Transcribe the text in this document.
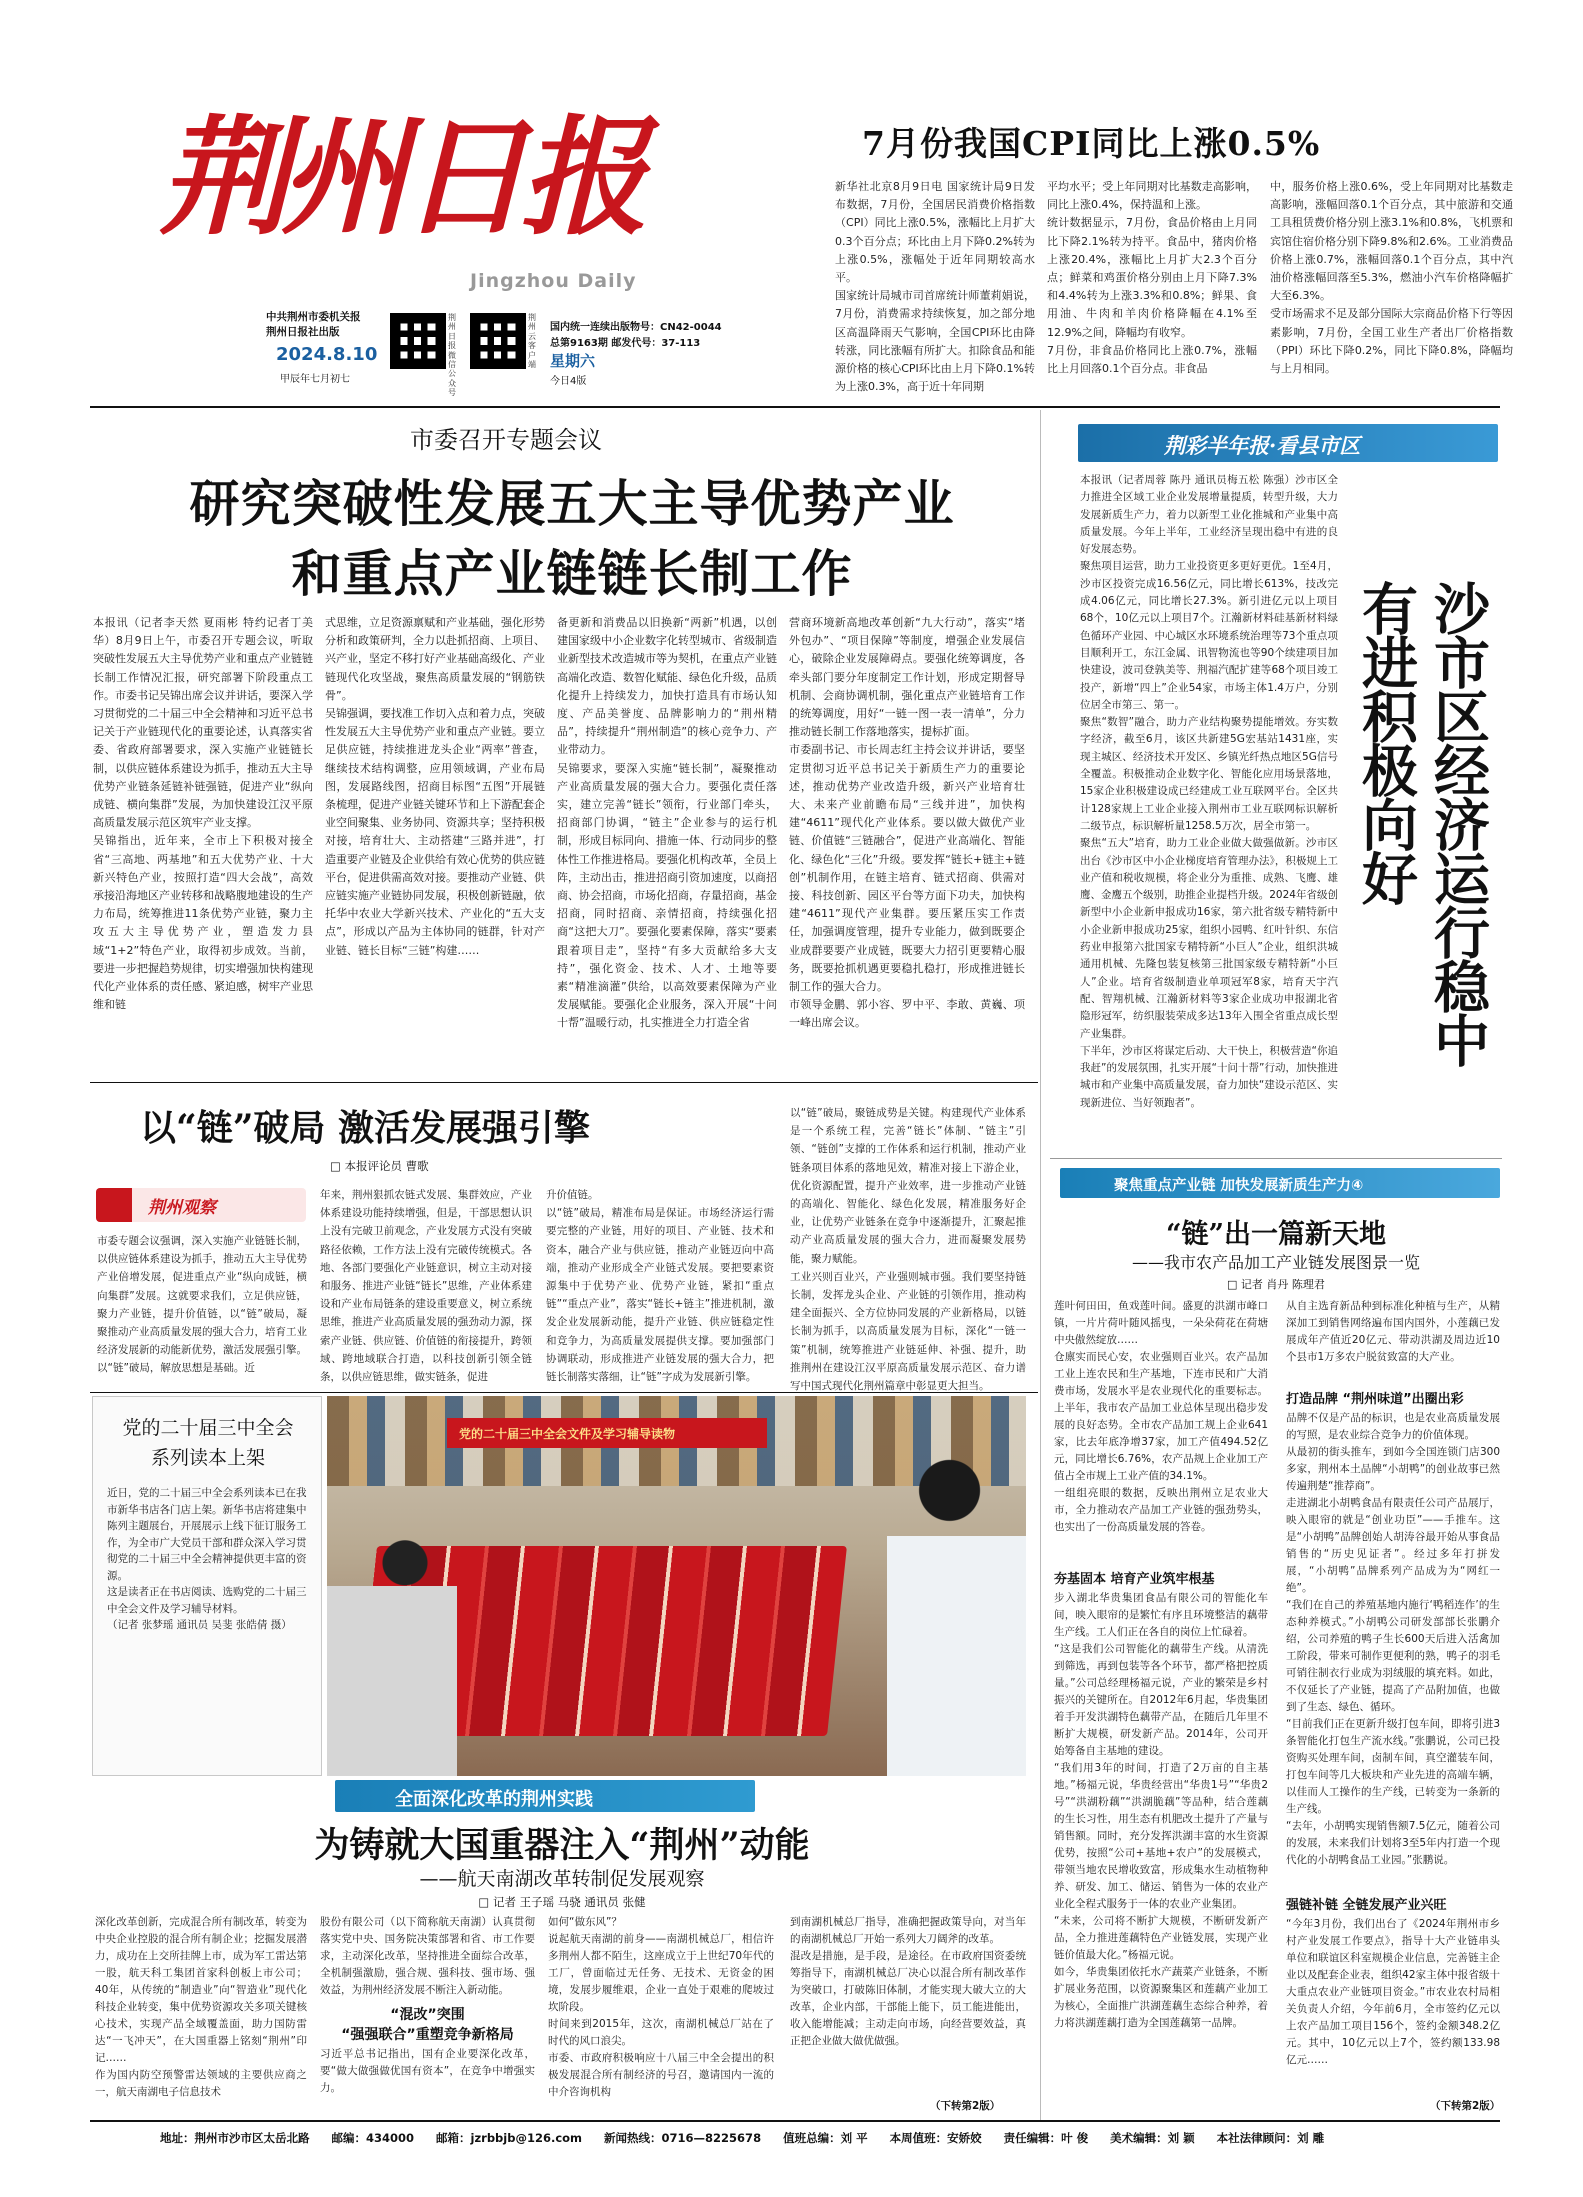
荆州日报
Jingzhou Daily
中共荆州市委机关报
荆州日报社出版
2024.8.10
甲辰年七月初七
荆州日报微信公众号
荆州云客户端
国内统一连续出版物号：CN42-0044
总第9163期 邮发代号：37-113
星期六
今日4版
7月份我国CPI同比上涨0.5%
新华社北京8月9日电 国家统计局9日发布数据，7月份，全国居民消费价格指数（CPI）同比上涨0.5%，涨幅比上月扩大0.3个百分点；环比由上月下降0.2%转为上涨0.5%，涨幅处于近年同期较高水平。
国家统计局城市司首席统计师董莉娟说，7月份，消费需求持续恢复，加之部分地区高温降雨天气影响，全国CPI环比由降转涨，同比涨幅有所扩大。扣除食品和能源价格的核心CPI环比由上月下降0.1%转为上涨0.3%，高于近十年同期
平均水平；受上年同期对比基数走高影响，同比上涨0.4%，保持温和上涨。
统计数据显示，7月份，食品价格由上月同比下降2.1%转为持平。食品中，猪肉价格上涨20.4%，涨幅比上月扩大2.3个百分点；鲜菜和鸡蛋价格分别由上月下降7.3%和4.4%转为上涨3.3%和0.8%；鲜果、食用油、牛肉和羊肉价格降幅在4.1%至12.9%之间，降幅均有收窄。
7月份，非食品价格同比上涨0.7%，涨幅比上月回落0.1个百分点。非食品
中，服务价格上涨0.6%，受上年同期对比基数走高影响，涨幅回落0.1个百分点，其中旅游和交通工具租赁费价格分别上涨3.1%和0.8%，飞机票和宾馆住宿价格分别下降9.8%和2.6%。工业消费品价格上涨0.7%，涨幅回落0.1个百分点，其中汽油价格涨幅回落至5.3%，燃油小汽车价格降幅扩大至6.3%。
受市场需求不足及部分国际大宗商品价格下行等因素影响，7月份，全国工业生产者出厂价格指数（PPI）环比下降0.2%，同比下降0.8%，降幅均与上月相同。
市委召开专题会议
研究突破性发展五大主导优势产业
和重点产业链链长制工作
本报讯（记者李天然 夏雨彬 特约记者丁美华）8月9日上午，市委召开专题会议，听取突破性发展五大主导优势产业和重点产业链链长制工作情况汇报，研究部署下阶段重点工作。市委书记吴锦出席会议并讲话，要深入学习贯彻党的二十届三中全会精神和习近平总书记关于产业链现代化的重要论述，认真落实省委、省政府部署要求，深入实施产业链链长制，以供应链体系建设为抓手，推动五大主导优势产业链条延链补链强链，促进产业“纵向成链、横向集群”发展，为加快建设江汉平原高质量发展示范区筑牢产业支撑。
吴锦指出，近年来，全市上下积极对接全省“三高地、两基地”和五大优势产业、十大新兴特色产业，按照打造“四大会战”，高效承接沿海地区产业转移和战略腹地建设的生产力布局，统筹推进11条优势产业链，聚力主攻五大主导优势产业，塑造发力县域“1+2”特色产业，取得初步成效。当前，要进一步把握趋势规律，切实增强加快构建现代化产业体系的责任感、紧迫感，树牢产业思维和链
式思维，立足资源禀赋和产业基础，强化形势分析和政策研判，全力以赴抓招商、上项目、兴产业，坚定不移打好产业基础高级化、产业链现代化攻坚战，聚焦高质量发展的“钢筋铁骨”。
吴锦强调，要找准工作切入点和着力点，突破性发展五大主导优势产业和重点产业链。要立足供应链，持续推进龙头企业“两率”普查，继续技术结构调整，应用领域调，产业布局图，发展路线图，招商目标图“五图”开展链条梳理，促进产业链关键环节和上下游配套企业空间聚集、业务协同、资源共享；坚持积极对接，培育壮大、主动搭建“三路并进”，打造重要产业链及企业供给有效心优势的供应链平台，促进供需高效对接。要推动产业链、供应链实施产业链协同发展，积极创新链融，依托华中农业大学新兴技术、产业化的“五大支点”，形成以产品为主体协同的链群，针对产业链、链长目标“三链”构建……
备更新和消费品以旧换新“两新”机遇，以创建国家级中小企业数字化转型城市、省级制造业新型技术改造城市等为契机，在重点产业链高端化改造、数智化赋能、绿色化升级，品质化提升上持续发力，加快打造具有市场认知度、产品美誉度、品牌影响力的“荆州精品”，持续提升“荆州制造”的核心竞争力、产业带动力。
吴锦要求，要深入实施“链长制”，凝聚推动产业高质量发展的强大合力。要强化责任落实，建立完善“链长”领衔，行业部门牵头，招商部门协调，“链主”企业参与的运行机制，形成目标同向、措施一体、行动同步的整体性工作推进格局。要强化机构改革，全员上阵，主动出击，推进招商引资加速度，以商招商、协会招商，市场化招商，存量招商，基金招商，同时招商、亲情招商，持续强化招商“这把大刀”。要强化要素保障，落实“要素跟着项目走”，坚持“有多大贡献给多大支持”，强化资金、技术、人才、土地等要素“精准滴灌”供给，以高效要素保障为产业发展赋能。要强化企业服务，深入开展“十问十帮”温暖行动，扎实推进全力打造全省
营商环境新高地改革创新“九大行动”，落实“堵外包办”、“项目保障”等制度，增强企业发展信心，破除企业发展障碍点。要强化统筹调度，各牵头部门要分年度制定工作计划，形成定期督导机制、会商协调机制，强化重点产业链培育工作的统筹调度，用好“一链一图一表一清单”，分力推动链长制工作落地落实，提标扩面。
市委副书记、市长周志红主持会议并讲话，要坚定贯彻习近平总书记关于新质生产力的重要论述，推动优势产业改造升级，新兴产业培育壮大、未来产业前瞻布局“三线并进”，加快构建“4611”现代化产业体系。要以做大做优产业链、价值链“三链融合”，促进产业高端化、智能化、绿色化“三化”升级。要发挥“链长+链主+链创”机制作用，在链主培育、链式招商、供需对接、科技创新、园区平台等方面下功夫，加快构建“4611”现代产业集群。要压紧压实工作责任，加强调度管理，提升专业能力，做到既要企业成群要要产业成链，既要大力招引更要精心服务，既要抢抓机遇更要稳扎稳打，形成推进链长制工作的强大合力。
市领导金鹏、郭小容、罗中平、李敢、黄巍、项一峰出席会议。
以“链”破局 激活发展强引擎
□ 本报评论员 曹歌
荆州观察
市委专题会议强调，深入实施产业链链长制，以供应链体系建设为抓手，推动五大主导优势产业倍增发展，促进重点产业“纵向成链，横向集群”发展。这就要求我们，立足供应链，聚力产业链，提升价值链，以“链”破局，凝聚推动产业高质量发展的强大合力，培育工业经济发展新的动能新优势，激活发展强引擎。
以“链”破局，解放思想是基础。近
年来，荆州狠抓农链式发展、集群效应，产业体系建设功能持续增强，但是，干部思想认识上没有完破卫前观念，产业发展方式没有突破路径依赖，工作方法上没有完破传统模式。各地、各部门要强化产业链意识，树立主动对接和服务、推进产业链“链长”思维，产业体系建设和产业布局链条的建设重要意义，树立系统思维，推进产业高质量发展的强劲动力源，探索产业链、供应链、价值链的衔接提升，跨领域、跨地域联合打造，以科技创新引领全链条，以供应链思维，做实链条，促进
升价值链。
以“链”破局，精准布局是保证。市场经济运行需要完整的产业链，用好的项目、产业链、技术和资本，融合产业与供应链，推动产业链迈向中高端，推动产业形成全产业链式发展。要把要素资源集中于优势产业、优势产业链，紧扣“重点链”“重点产业”，落实“链长+链主”推进机制，激发企业发展新动能，提升产业链、供应链稳定性和竞争力，为高质量发展提供支撑。要加强部门协调联动，形成推进产业链发展的强大合力，把链长制落实落细，让“链”字成为发展新引擎。
以“链”破局，聚链成势是关键。构建现代产业体系是一个系统工程，完善“链长”体制、“链主”引领、“链创”支撑的工作体系和运行机制，推动产业链条项目体系的落地见效，精准对接上下游企业，优化资源配置，提升产业效率，进一步推动产业链的高端化、智能化、绿色化发展，精准服务好企业，让优势产业链条在竞争中逐渐提升，汇聚起推动产业高质量发展的强大合力，进而凝聚发展势能，聚力赋能。
工业兴则百业兴，产业强则城市强。我们要坚持链长制，发挥龙头企业、产业链的引领作用，推动构建全面振兴、全方位协同发展的产业新格局，以链长制为抓手，以高质量发展为目标，深化“一链一策”机制，统筹推进产业链延伸、补强、提升，助推荆州在建设江汉平原高质量发展示范区、奋力谱写中国式现代化荆州篇章中彰显更大担当。
党的二十届三中全会
系列读本上架
近日，党的二十届三中全会系列读本已在我市新华书店各门店上架。新华书店将建集中陈列主题展台，开展展示上线下征订服务工作，为全市广大党员干部和群众深入学习贯彻党的二十届三中全会精神提供更丰富的资源。
这是读者正在书店阅读、选购党的二十届三中全会文件及学习辅导材料。
（记者 张梦瑶 通讯员 吴斐 张皓倩 摄）
党的二十届三中全会文件及学习辅导读物
全面深化改革的荆州实践
为铸就大国重器注入“荆州”动能
——航天南湖改革转制促发展观察
□ 记者 王子瑶 马骁 通讯员 张健
深化改革创新，完成混合所有制改革，转变为中央企业控股的混合所有制企业；挖掘发展潜力，成功在上交所挂牌上市，成为军工雷达第一股，航天科工集团首家科创板上市公司；40年，从传统的“制造业”向“智造业”现代化科技企业转变，集中优势资源攻关多项关键核心技术，实现产品全域覆盖面，助力国防雷达“一飞冲天”，在大国重器上铭刻“荆州”印记……
作为国内防空预警雷达领域的主要供应商之一，航天南湖电子信息技术
股份有限公司（以下简称航天南湖）认真贯彻落实党中央、国务院决策部署和省、市工作要求，主动深化改革，坚持推进全面综合改革，全机制强激励，强合规、强科技、强市场、强效益，为荆州经济发展不断注入新动能。
“混改”突围
“强强联合”重塑竞争新格局
习近平总书记指出，国有企业要深化改革，要“做大做强做优国有资本”，在竞争中增强实力。
如何“做东风”？
说起航天南湖的前身——南湖机械总厂，相信许多荆州人都不陌生，这座成立于上世纪70年代的工厂，曾面临过无任务、无技术、无资金的困境，发展步履维艰，企业一直处于艰难的爬坡过坎阶段。
时间来到2015年，这次，南湖机械总厂站在了时代的风口浪尖。
市委、市政府积极响应十八届三中全会提出的积极发展混合所有制经济的号召，邀请国内一流的中介咨询机构
到南湖机械总厂指导，准确把握政策导向，对当年的南湖机械总厂开始一系列大刀阔斧的改革。
混改是措施，是手段，是途径。在市政府国资委统筹指导下，南湖机械总厂决心以混合所有制改革作为突破口，打破陈旧体制，才能实现大破大立的大改革，企业内部，干部能上能下，员工能进能出，收入能增能减；主动走向市场，向经营要效益，真正把企业做大做优做强。
（下转第2版）
荆彩半年报·看县市区
本报讯（记者周蓉 陈丹 通讯员梅五松 陈强）沙市区全力推进全区域工业企业发展增量提质，转型升级，大力发展新质生产力，着力以新型工业化推城和产业集中高质量发展。今年上半年，工业经济呈现出稳中有进的良好发展态势。
聚焦项目运营，助力工业投资更多更好更优。1至4月，沙市区投资完成16.56亿元，同比增长613%，技改完成4.06亿元，同比增长27.3%。新引进亿元以上项目68个，10亿元以上项目7个。江瀚新材料硅基新材料绿色循环产业园、中心城区水环境系统治理等73个重点项目顺利开工，东江金属、讯智物流也等90个续建项目加快建设，波司登孰美等、荆福汽配扩建等68个项目竣工投产，新增“四上”企业54家，市场主体1.4万户，分别位居全市第三、第一。
聚焦“数智”融合，助力产业结构聚势提能增效。夯实数字经济，截至6月，该区共新建5G宏基站1431座，实现主城区、经济技术开发区、乡镇光纤热点地区5G信号全覆盖。积极推动企业数字化、智能化应用场景落地，15家企业积极建设成已经建成工业互联网平台。全区共计128家规上工业企业接入荆州市工业互联网标识解析二级节点，标识解析量1258.5万次，居全市第一。
聚焦“五大”培育，助力工业企业做大做强做新。沙市区出台《沙市区中小企业梯度培育管理办法》，积极规上工业产值和税收规模，将企业分为重推、成熟、飞鹰、雄鹰、金鹰五个级别，助推企业提档升级。2024年省级创新型中小企业新申报成功16家，第六批省级专精特新中小企业新申报成功25家，组织小园鸭、红叶针织、东信药业申报第六批国家专精特新“小巨人”企业，组织洪城通用机械、先隆包装复核第三批国家级专精特新“小巨人”企业。培育省级制造业单项冠军8家，培育天宇汽配、智翔机械、江瀚新材料等3家企业成功申报湖北省隐形冠军，纺织服装荣成多达13年入围全省重点成长型产业集群。
下半年，沙市区将谋定后动、大干快上，积极营造“你追我赶”的发展氛围，扎实开展“十问十帮”行动，加快推进城市和产业集中高质量发展，奋力加快“建设示范区、实现新进位、当好领跑者”。
沙市区经济运行稳中有进积极向好
聚焦重点产业链 加快发展新质生产力④
“链”出一篇新天地
——我市农产品加工产业链发展图景一览
□ 记者 肖丹 陈理君
莲叶何田田，鱼戏莲叶间。盛夏的洪湖市峰口镇，一片片荷叶随风摇曳，一朵朵荷花在荷塘中央傲然绽放……
仓廪实而民心安，农业强则百业兴。农产品加工业上连农民和生产基地，下连市民和广大消费市场，发展水平是农业现代化的重要标志。上半年，我市农产品加工业总体呈现出稳步发展的良好态势。全市农产品加工规上企业641家，比去年底净增37家，加工产值494.52亿元，同比增长6.76%，农产品规上企业加工产值占全市规上工业产值的34.1%。
一组组亮眼的数据，反映出荆州立足农业大市，全力推动农产品加工产业链的强劲势头，也实出了一份高质量发展的答卷。
夯基固本 培育产业筑牢根基
步入湖北华贵集团食品有限公司的智能化车间，映入眼帘的是繁忙有序且环境整洁的藕带生产线。工人们正在各自的岗位上忙碌着。
“这是我们公司智能化的藕带生产线。从清洗到筛选，再到包装等各个环节，都严格把控质量。”公司总经理杨福元说，产业的繁荣是乡村振兴的关键所在。自2012年6月起，华贵集团着手开发洪湖特色藕带产品，在随后几年里不断扩大规模，研发新产品。2014年，公司开始筹备自主基地的建设。
“我们用3年的时间，打造了2万亩的自主基地。”杨福元说，华贵经营出“华贵1号”“华贵2号”“洪湖粉藕”“洪湖脆藕”等品种，结合莲藕的生长习性，用生态有机肥改土提升了产量与销售额。同时，充分发挥洪湖丰富的水生资源优势，按照“公司+基地+农户”的发展模式，带领当地农民增收致富，形成集水生动植物种养、研发、加工、储运、销售为一体的农业产业化全程式服务于一体的农业产业集团。
“未来，公司将不断扩大规模，不断研发新产品，全力推进莲藕特色产业链发展，实现产业链价值最大化。”杨福元说。
如今，华贵集团依托水产蔬菜产业链条，不断扩展业务范围，以资源聚集区和莲藕产业加工为核心，全面推广洪湖莲藕生态综合种养，着力将洪湖莲藕打造为全国莲藕第一品牌。
从自主选育新品种到标准化种植与生产，从精深加工到销售网络遍布国内国外，小莲藕已发展成年产值近20亿元、带动洪湖及周边近10个县市1万多农户脱贫致富的大产业。
打造品牌 “荆州味道”出圈出彩
品牌不仅是产品的标识，也是农业高质量发展的写照，是农业综合竞争力的价值体现。
从最初的街头推车，到如今全国连锁门店300多家，荆州本土品牌“小胡鸭”的创业故事已然传遍荆楚“推荐商”。
走进湖北小胡鸭食品有限责任公司产品展厅，映入眼帘的就是“创业功臣”——手推车。这是“小胡鸭”品牌创始人胡涛谷最开始从事食品销售的“历史见证者”。经过多年打拼发展，“小胡鸭”品牌系列产品成为为“网红一绝”。
“我们在自己的养殖基地内施行‘鸭稻连作’的生态种养模式。”小胡鸭公司研发部部长张鹏介绍，公司养殖的鸭子生长600天后进入活禽加工阶段，带来可制作更便利的熟，鸭子的羽毛可销往制衣行业成为羽绒服的填充料。如此，不仅延长了产业链，提高了产品附加值，也做到了生态、绿色、循环。
“目前我们正在更新升级打包车间，即将引进3条智能化打包生产流水线。”张鹏说，公司已投资购买处理车间，卤制车间，真空灌装车间，打包车间等几大板块和产业先进的高端车辆，以佳而人工操作的生产线，已转变为一条新的生产线。
“去年，小胡鸭实现销售额7.5亿元，随着公司的发展，未来我们计划将3至5年内打造一个现代化的小胡鸭食品工业园。”张鹏说。
强链补链 全链发展产业兴旺
“今年3月份，我们出台了《2024年荆州市乡村产业发展工作要点》，指导十大产业链串头单位和联谊区科室规模企业信息，完善链主企业以及配套企业表，组织42家主体中报省级十大重点农业产业链项目资金。”市农业农村局相关负责人介绍，今年前6月，全市签约亿元以上农产品加工项目156个，签约金额348.2亿元。其中，10亿元以上7个，签约额133.98亿元……
（下转第2版）
地址：荆州市沙市区太岳北路 邮编：434000 邮箱：jzrbbjb@126.com 新闻热线：0716—8225678 值班总编：刘 平 本周值班：安娇姣 责任编辑：叶 俊 美术编辑：刘 颖 本社法律顾问：刘 雕
